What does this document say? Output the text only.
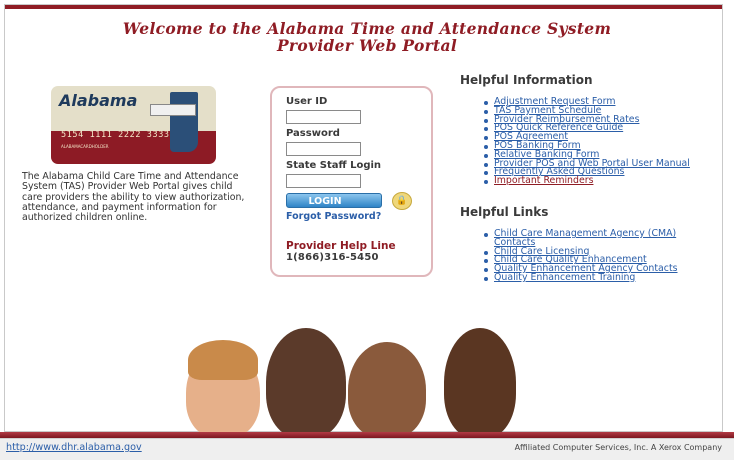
Welcome to the Alabama Time and Attendance System
Provider Web Portal
Alabama
5154 1111 2222 3333
ALABAMACARDHOLDER
The Alabama Child Care Time and Attendance System (TAS) Provider Web Portal gives child care providers the ability to view authorization, attendance, and payment information for authorized children online.
User ID
Password
State Staff Login
LOGIN	🔒
Forgot Password?
Provider Help Line
1(866)316-5450
Helpful Information
Adjustment Request Form
TAS Payment Schedule
Provider Reimbursement Rates
POS Quick Reference Guide
POS Agreement
POS Banking Form
Relative Banking Form
Provider POS and Web Portal User Manual
Frequently Asked Questions
Important Reminders
Helpful Links
Child Care Management Agency (CMA) Contacts
Child Care Licensing
Child Care Quality Enhancement
Quality Enhancement Agency Contacts
Quality Enhancement Training
http://www.dhr.alabama.gov	Affiliated Computer Services, Inc. A Xerox Company
